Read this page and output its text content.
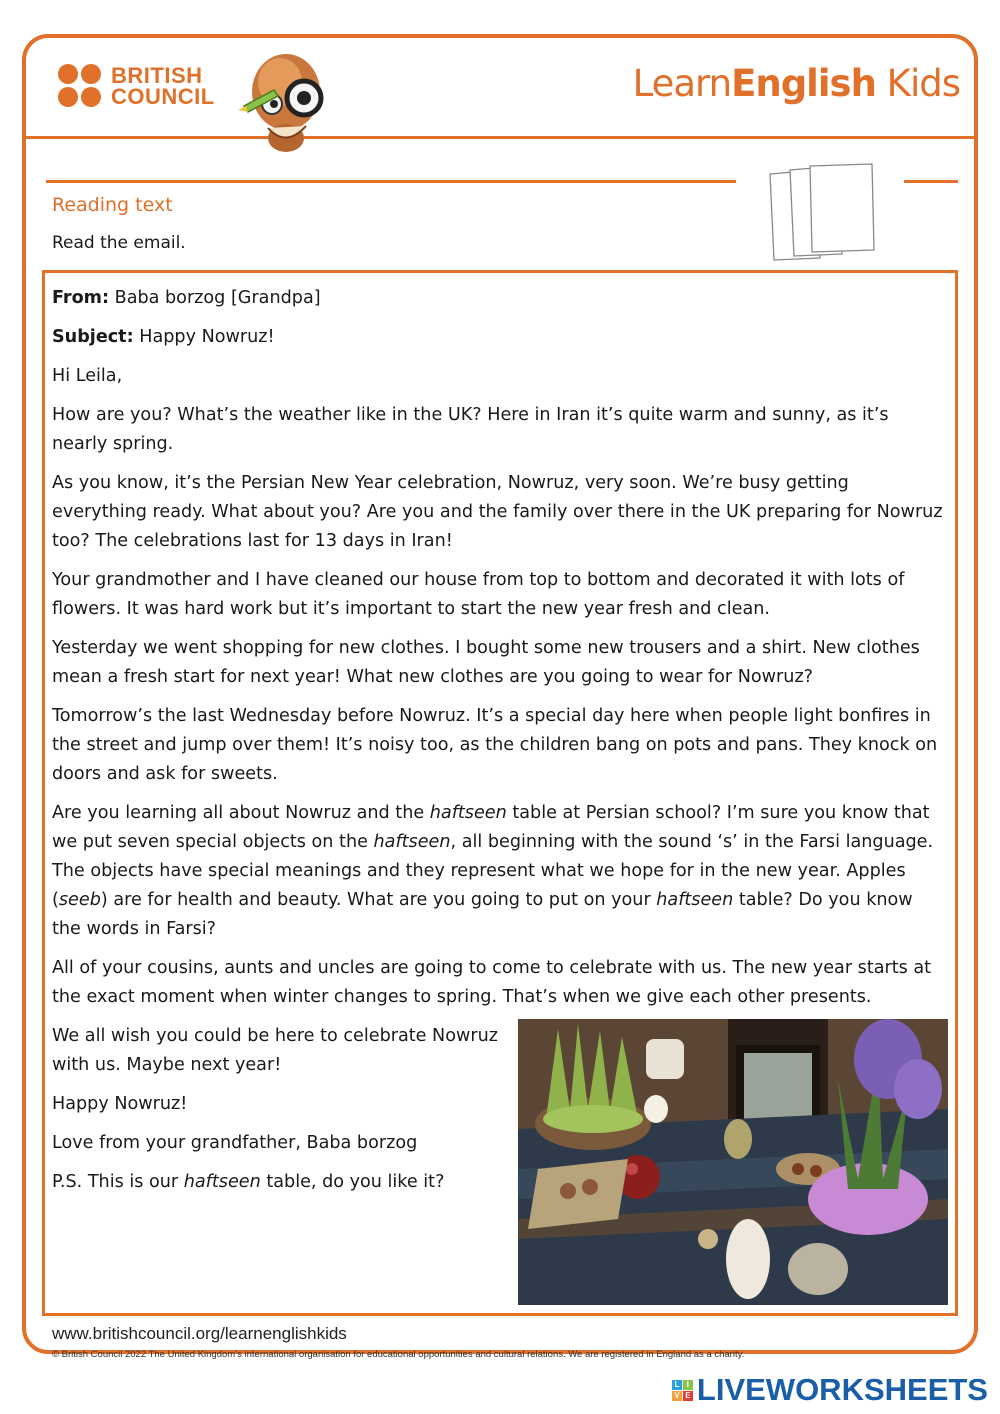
BRITISH
COUNCIL	LearnEnglish Kids
Reading text
Read the email.

From: Baba borzog [Grandpa]

Subject: Happy Nowruz!

Hi Leila,

How are you? What’s the weather like in the UK? Here in Iran it’s quite warm and sunny, as it’s nearly spring.

As you know, it’s the Persian New Year celebration, Nowruz, very soon. We’re busy getting everything ready. What about you? Are you and the family over there in the UK preparing for Nowruz too? The celebrations last for 13 days in Iran!

Your grandmother and I have cleaned our house from top to bottom and decorated it with lots of flowers. It was hard work but it’s important to start the new year fresh and clean.

Yesterday we went shopping for new clothes. I bought some new trousers and a shirt. New clothes mean a fresh start for next year! What new clothes are you going to wear for Nowruz?

Tomorrow’s the last Wednesday before Nowruz. It’s a special day here when people light bonfires in the street and jump over them! It’s noisy too, as the children bang on pots and pans. They knock on doors and ask for sweets.

Are you learning all about Nowruz and the haftseen table at Persian school? I’m sure you know that we put seven special objects on the haftseen, all beginning with the sound ‘s’ in the Farsi language. The objects have special meanings and they represent what we hope for in the new year. Apples (seeb) are for health and beauty. What are you going to put on your haftseen table? Do you know the words in Farsi?

All of your cousins, aunts and uncles are going to come to celebrate with us. The new year starts at the exact moment when winter changes to spring. That’s when we give each other presents.

We all wish you could be here to celebrate Nowruz with us. Maybe next year!

Happy Nowruz!

Love from your grandfather, Baba borzog

P.S. This is our haftseen table, do you like it?

www.britishcouncil.org/learnenglishkids
© British Council 2022 The United Kingdom’s international organisation for educational opportunities and cultural relations. We are registered in England as a charity.
L I
V E LIVEWORKSHEETS
